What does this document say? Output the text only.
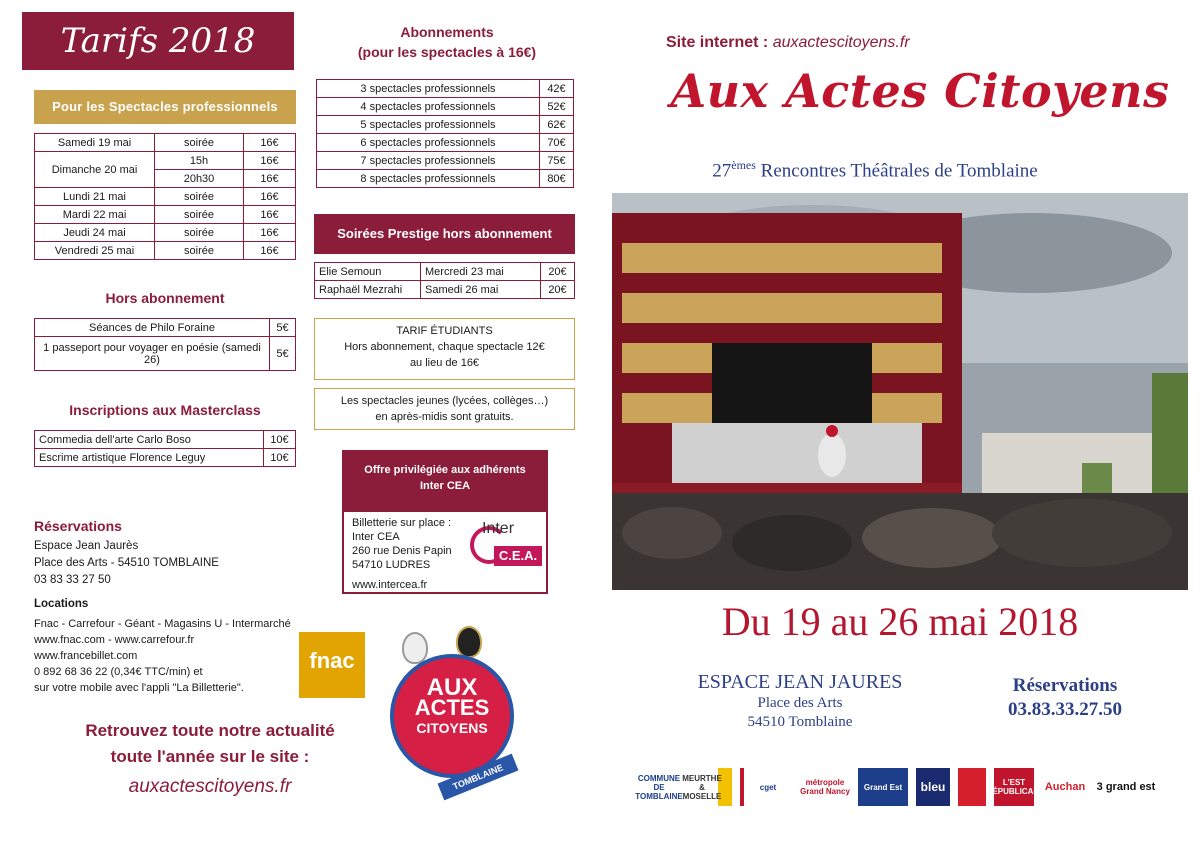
Tarifs 2018
Pour les Spectacles professionnels
Samedi 19 mai	soirée	16€
Dimanche 20 mai	15h	16€
	20h30	16€
Lundi 21 mai	soirée	16€
Mardi 22 mai	soirée	16€
Jeudi 24 mai	soirée	16€
Vendredi 25 mai	soirée	16€
Hors abonnement
Séances de Philo Foraine	5€
1 passeport pour voyager en poésie (samedi 26)	5€
Inscriptions aux Masterclass
Commedia dell'arte Carlo Boso	10€
Escrime artistique Florence Leguy	10€
Réservations
Espace Jean Jaurès
Place des Arts - 54510 TOMBLAINE
03 83 33 27 50
Locations
Fnac - Carrefour - Géant - Magasins U - Intermarché
www.fnac.com - www.carrefour.fr
www.francebillet.com
0 892 68 36 22 (0,34€ TTC/min) et
sur votre mobile avec l'appli "La Billetterie".
fnac
Retrouvez toute notre actualité
toute l'année sur le site :
auxactescitoyens.fr
AUX
ACTES
CITOYENS
TOMBLAINE
Abonnements
(pour les spectacles à 16€)
3 spectacles professionnels	42€
4 spectacles professionnels	52€
5 spectacles professionnels	62€
6 spectacles professionnels	70€
7 spectacles professionnels	75€
8 spectacles professionnels	80€
Soirées Prestige hors abonnement
Elie Semoun	Mercredi 23 mai	20€
Raphaël Mezrahi	Samedi 26 mai	20€
TARIF ÉTUDIANTS
Hors abonnement, chaque spectacle 12€
au lieu de 16€
Les spectacles jeunes (lycées, collèges…)
en après-midis sont gratuits.
Offre privilégiée aux adhérents
Inter CEA
Billetterie sur place :
Inter CEA
260 rue Denis Papin
54710 LUDRES
www.intercea.fr
Inter
C.E.A.
Site internet : auxactescitoyens.fr
Aux Actes Citoyens
27èmes Rencontres Théâtrales de Tomblaine
Du 19 au 26 mai 2018
ESPACE JEAN JAURES
Place des Arts
54510 Tomblaine
Réservations
03.83.33.27.50
COMMUNE DE TOMBLAINE
MEURTHE & MOSELLE
cget	métropole Grand Nancy	Grand Est	bleu	L'EST RÉPUBLICAIN Auchan 3 grand est
